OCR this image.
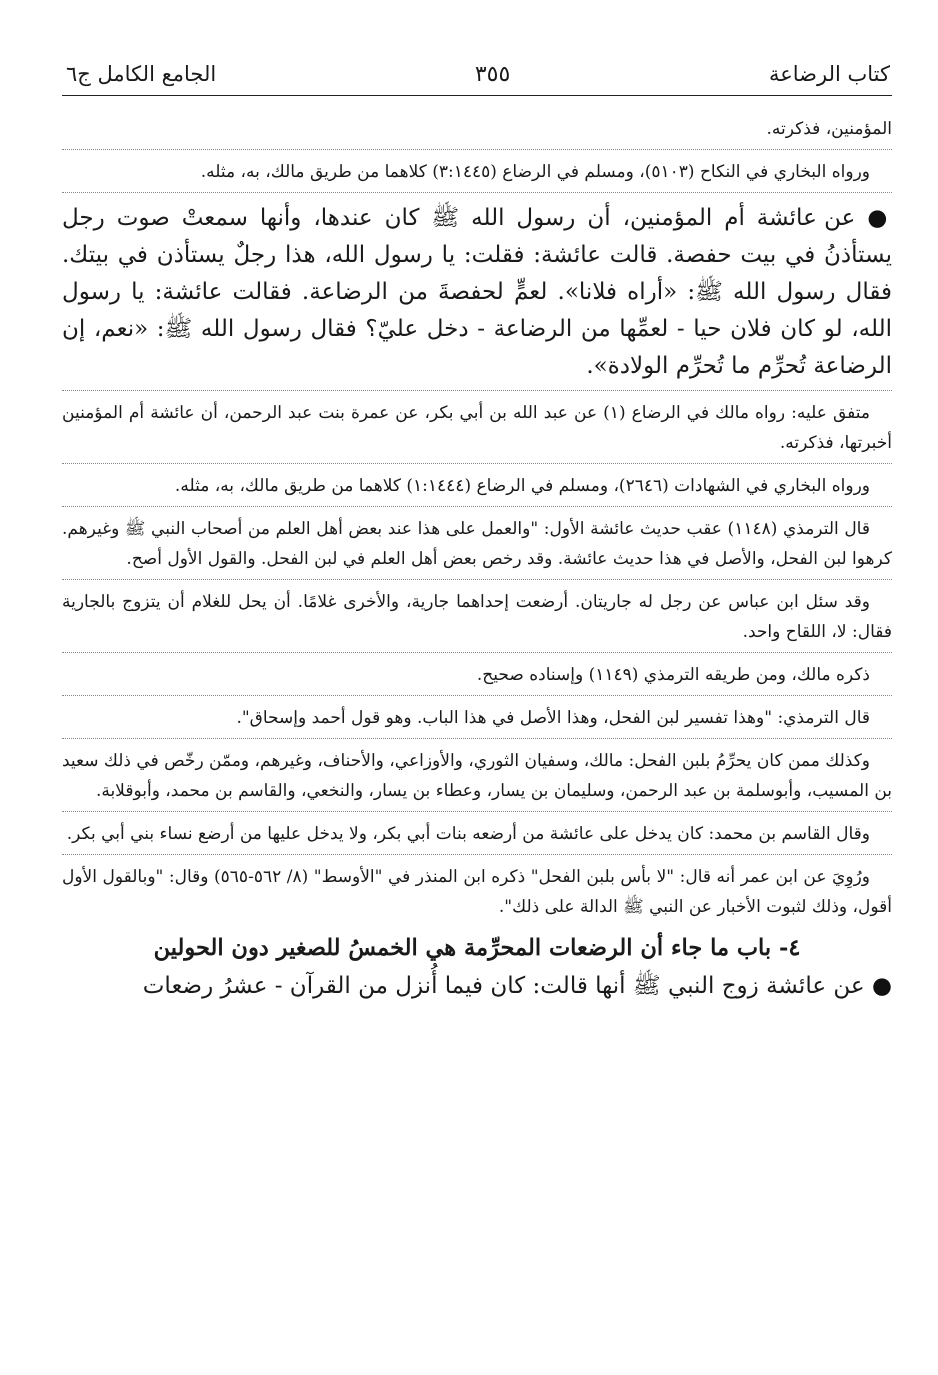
كتاب الرضاعة
٣٥٥
الجامع الكامل ج٦

المؤمنين، فذكرته.

ورواه البخاري في النكاح (٥١٠٣)، ومسلم في الرضاع (٣:١٤٤٥) كلاهما من طريق مالك، به، مثله.

● عن عائشة أم المؤمنين، أن رسول الله ﷺ كان عندها، وأنها سمعتْ صوت رجل يستأذنُ في بيت حفصة. قالت عائشة: فقلت: يا رسول الله، هذا رجلٌ يستأذن في بيتك. فقال رسول الله ﷺ: «أراه فلانا». لعمٍّ لحفصةَ من الرضاعة. فقالت عائشة: يا رسول الله، لو كان فلان حيا - لعمِّها من الرضاعة - دخل عليّ؟ فقال رسول الله ﷺ: «نعم، إن الرضاعة تُحرِّم ما تُحرِّم الولادة».

متفق عليه: رواه مالك في الرضاع (١) عن عبد الله بن أبي بكر، عن عمرة بنت عبد الرحمن، أن عائشة أم المؤمنين أخبرتها، فذكرته.

ورواه البخاري في الشهادات (٢٦٤٦)، ومسلم في الرضاع (١:١٤٤٤) كلاهما من طريق مالك، به، مثله.

قال الترمذي (١١٤٨) عقب حديث عائشة الأول: "والعمل على هذا عند بعض أهل العلم من أصحاب النبي ﷺ وغيرهم. كرهوا لبن الفحل، والأصل في هذا حديث عائشة. وقد رخص بعض أهل العلم في لبن الفحل. والقول الأول أصح.

وقد سئل ابن عباس عن رجل له جاريتان. أرضعت إحداهما جارية، والأخرى غلامًا. أن يحل للغلام أن يتزوج بالجارية فقال: لا، اللقاح واحد.

ذكره مالك، ومن طريقه الترمذي (١١٤٩) وإسناده صحيح.

قال الترمذي: "وهذا تفسير لبن الفحل، وهذا الأصل في هذا الباب. وهو قول أحمد وإسحاق".

وكذلك ممن كان يحرِّمُ بلبن الفحل: مالك، وسفيان الثوري، والأوزاعي، والأحناف، وغيرهم، وممّن رخّص في ذلك سعيد بن المسيب، وأبوسلمة بن عبد الرحمن، وسليمان بن يسار، وعطاء بن يسار، والنخعي، والقاسم بن محمد، وأبوقلابة.

وقال القاسم بن محمد: كان يدخل على عائشة من أرضعه بنات أبي بكر، ولا يدخل عليها من أرضع نساء بني أبي بكر.

ورُوِيَ عن ابن عمر أنه قال: "لا بأس بلبن الفحل" ذكره ابن المنذر في "الأوسط" (٨/ ٥٦٢-٥٦٥) وقال: "وبالقول الأول أقول، وذلك لثبوت الأخبار عن النبي ﷺ الدالة على ذلك".

٤- باب ما جاء أن الرضعات المحرِّمة هي الخمسُ للصغير دون الحولين

● عن عائشة زوج النبي ﷺ أنها قالت: كان فيما أُنزل من القرآن - عشرُ رضعات
